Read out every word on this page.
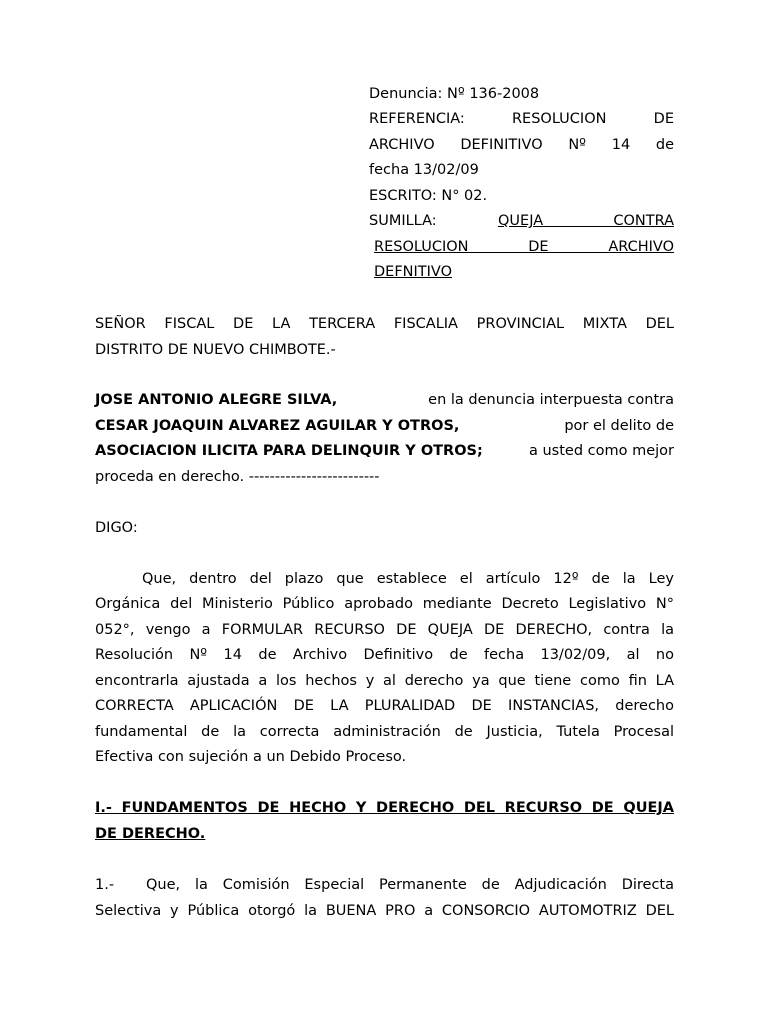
Denuncia: Nº 136-2008
REFERENCIA: RESOLUCION DE
ARCHIVO DEFINITIVO Nº 14 de
fecha 13/02/09
ESCRITO: N° 02.
SUMILLA:	QUEJA CONTRA
RESOLUCION DE ARCHIVO
DEFNITIVO
SEÑOR FISCAL DE LA TERCERA FISCALIA PROVINCIAL MIXTA DEL
DISTRITO DE NUEVO CHIMBOTE.-
JOSE ANTONIO ALEGRE SILVA,	en la denuncia interpuesta contra
CESAR JOAQUIN ALVAREZ AGUILAR Y OTROS,	por el delito de
ASOCIACION ILICITA PARA DELINQUIR Y OTROS;	a usted como mejor
proceda en derecho. -------------------------
DIGO:
Que, dentro del plazo que establece el artículo 12º de la Ley
Orgánica del Ministerio Público aprobado mediante Decreto Legislativo N°
052°, vengo a FORMULAR RECURSO DE QUEJA DE DERECHO, contra la
Resolución Nº 14 de Archivo Definitivo de fecha 13/02/09, al no
encontrarla ajustada a los hechos y al derecho ya que tiene como fin LA
CORRECTA APLICACIÓN DE LA PLURALIDAD DE INSTANCIAS, derecho
fundamental de la correcta administración de Justicia, Tutela Procesal
Efectiva con sujeción a un Debido Proceso.
I.- FUNDAMENTOS DE HECHO Y DERECHO DEL RECURSO DE QUEJA
DE DERECHO.
1.- Que, la Comisión Especial Permanente de Adjudicación Directa
Selectiva y Pública otorgó la BUENA PRO a CONSORCIO AUTOMOTRIZ DEL
